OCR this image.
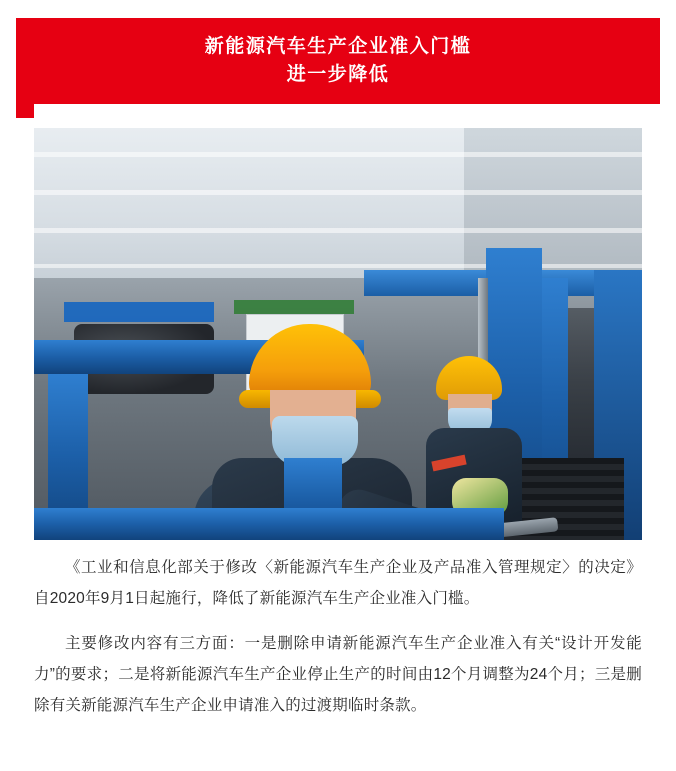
新能源汽车生产企业准入门槛
进一步降低

《工业和信息化部关于修改〈新能源汽车生产企业及产品准入管理规定〉的决定》自2020年9月1日起施行，降低了新能源汽车生产企业准入门槛。

主要修改内容有三方面：一是删除申请新能源汽车生产企业准入有关“设计开发能力”的要求；二是将新能源汽车生产企业停止生产的时间由12个月调整为24个月；三是删除有关新能源汽车生产企业申请准入的过渡期临时条款。
